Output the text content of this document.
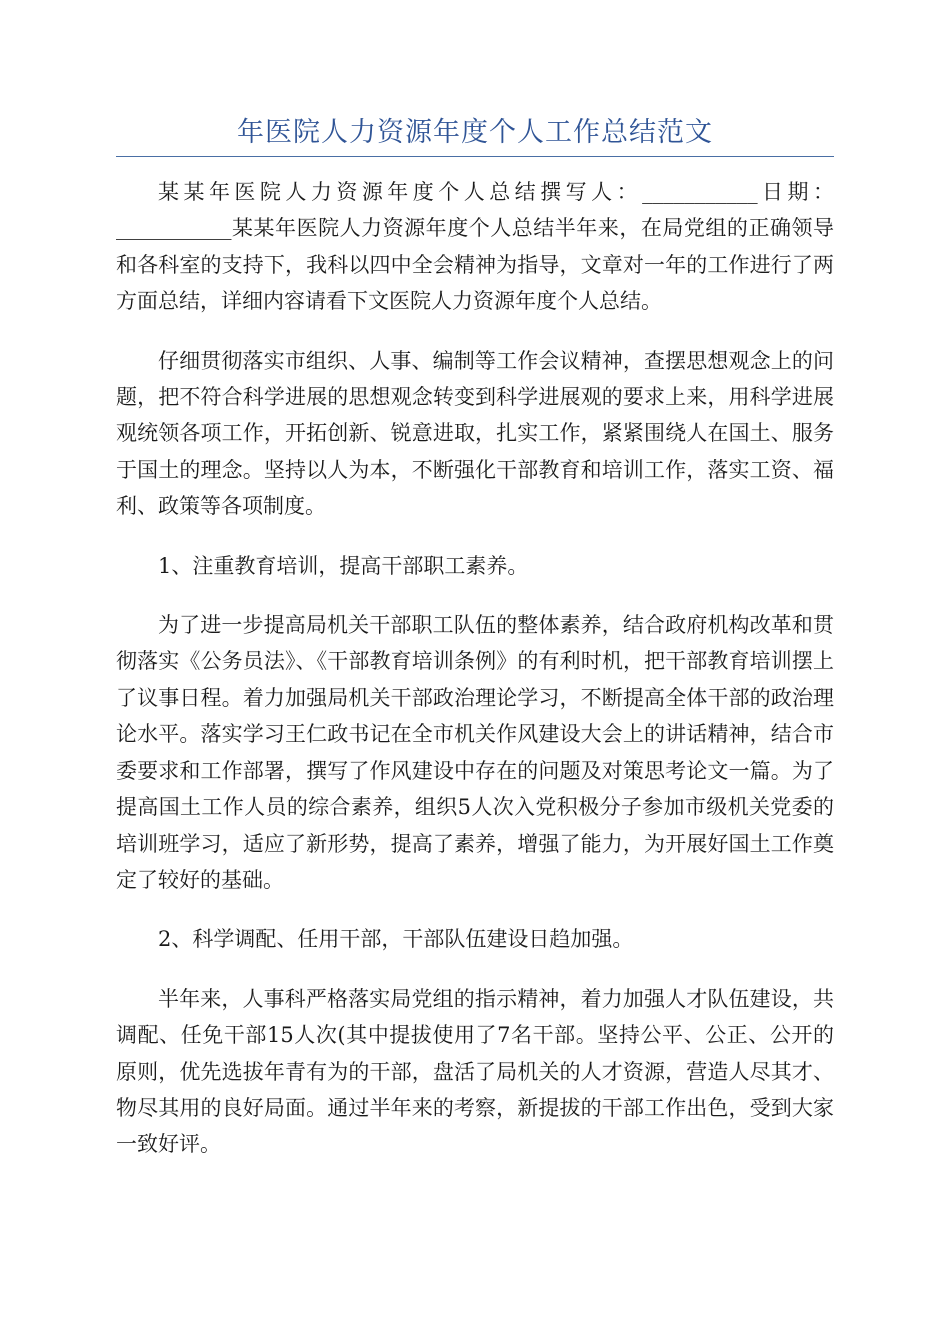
年医院人力资源年度个人工作总结范文

某某年医院人力资源年度个人总结撰写人：___________日期：___________某某年医院人力资源年度个人总结半年来，在局党组的正确领导和各科室的支持下，我科以四中全会精神为指导，文章对一年的工作进行了两方面总结，详细内容请看下文医院人力资源年度个人总结。

仔细贯彻落实市组织、人事、编制等工作会议精神，查摆思想观念上的问题，把不符合科学进展的思想观念转变到科学进展观的要求上来，用科学进展观统领各项工作，开拓创新、锐意进取，扎实工作，紧紧围绕人在国土、服务于国土的理念。坚持以人为本，不断强化干部教育和培训工作，落实工资、福利、政策等各项制度。

1、注重教育培训，提高干部职工素养。

为了进一步提高局机关干部职工队伍的整体素养，结合政府机构改革和贯彻落实《公务员法》、《干部教育培训条例》的有利时机，把干部教育培训摆上了议事日程。着力加强局机关干部政治理论学习，不断提高全体干部的政治理论水平。落实学习王仁政书记在全市机关作风建设大会上的讲话精神，结合市委要求和工作部署，撰写了作风建设中存在的问题及对策思考论文一篇。为了提高国土工作人员的综合素养，组织5人次入党积极分子参加市级机关党委的培训班学习，适应了新形势，提高了素养，增强了能力，为开展好国土工作奠定了较好的基础。

2、科学调配、任用干部，干部队伍建设日趋加强。

半年来，人事科严格落实局党组的指示精神，着力加强人才队伍建设，共调配、任免干部15人次(其中提拔使用了7名干部。坚持公平、公正、公开的原则，优先选拔年青有为的干部，盘活了局机关的人才资源，营造人尽其才、物尽其用的良好局面。通过半年来的考察，新提拔的干部工作出色，受到大家一致好评。
